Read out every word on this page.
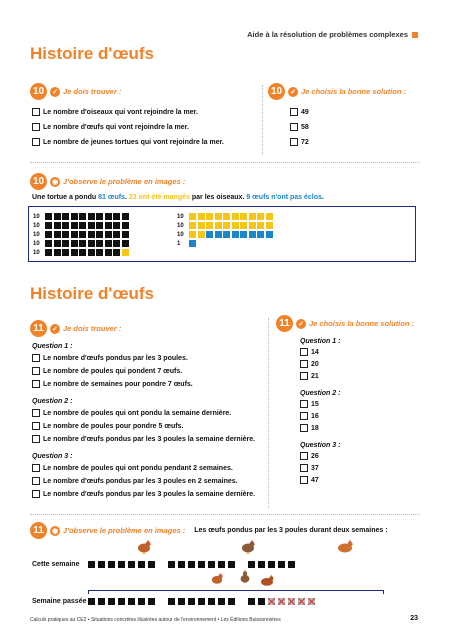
Aide à la résolution de problèmes complexes
Histoire d'œufs
10	✓ Je dois trouver :
Le nombre d'oiseaux qui vont rejoindre la mer.
Le nombre d'œufs qui vont rejoindre la mer.
Le nombre de jeunes tortues qui vont rejoindre la mer.
10	✓ Je choisis la bonne solution :
49
58
72
10	◉ J'observe le problème en images :
Une tortue a pondu 81 œufs. 23 ont été mangés par les oiseaux. 9 œufs n'ont pas éclos.
10
10
10
10
10
10
10
10
1
Histoire d'œufs
11	✓ Je dois trouver :	11	✓ Je choisis la bonne solution :
Question 1 :
Le nombre d'œufs pondus par les 3 poules.
Le nombre de poules qui pondent 7 œufs.
Le nombre de semaines pour pondre 7 œufs.
Question 2 :
Le nombre de poules qui ont pondu la semaine dernière.
Le nombre de poules pour pondre 5 œufs.
Le nombre d'œufs pondus par les 3 poules la semaine dernière.
Question 3 :
Le nombre de poules qui ont pondu pendant 2 semaines.
Le nombre d'œufs pondus par les 3 poules en 2 semaines.
Le nombre d'œufs pondus par les 3 poules la semaine dernière.
Question 1 :
14
20
21
Question 2 :
15
16
18
Question 3 :
26
37
47
11	◉ J'observe le problème en images : Les œufs pondus par les 3 poules durant deux semaines :
Cette semaine
Semaine passée
Calculs pratiques au CE2 • Situations concrètes illustrées autour de l'environnement • Les Éditions Buissonnières	23
